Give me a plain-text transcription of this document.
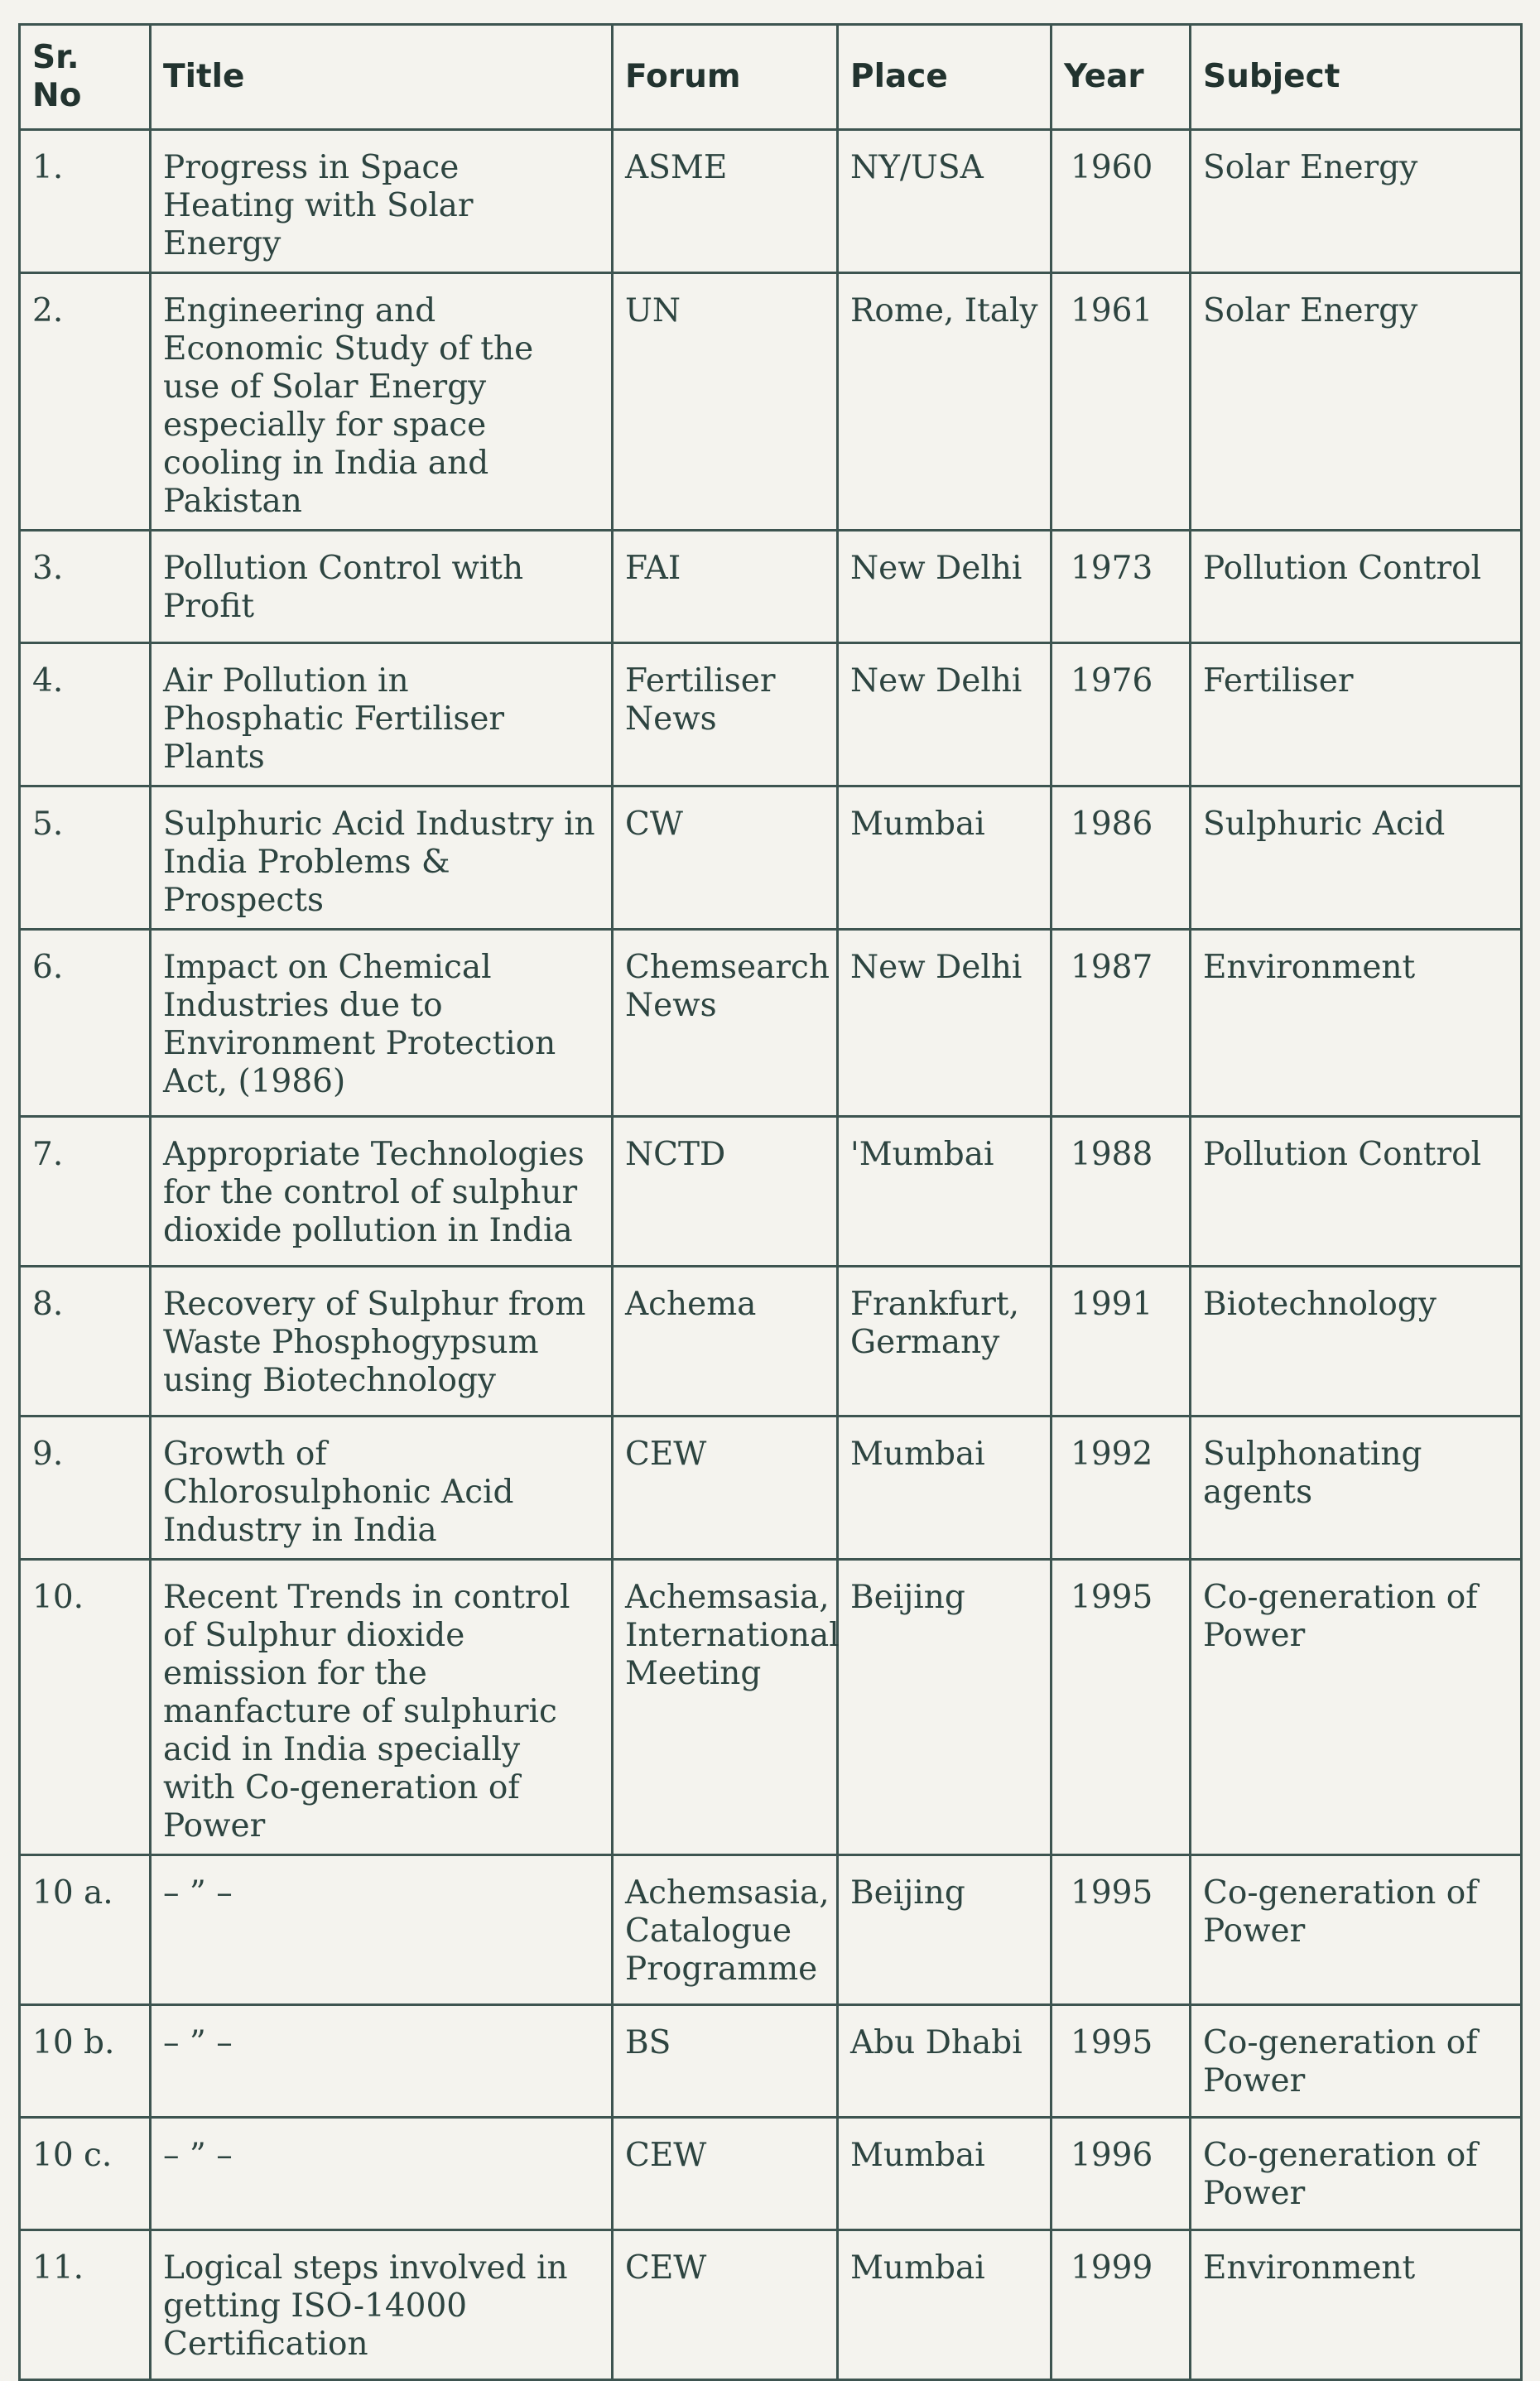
Sr. No	Title	Forum	Place	Year	Subject
1.	Progress in Space Heating with Solar Energy	ASME	NY/USA	1960	Solar Energy
2.	Engineering and Economic Study of the use of Solar Energy especially for space cooling in India and Pakistan	UN	Rome, Italy	1961	Solar Energy
3.	Pollution Control with Profit	FAI	New Delhi	1973	Pollution Control
4.	Air Pollution in Phosphatic Fertiliser Plants	Fertiliser News	New Delhi	1976	Fertiliser
5.	Sulphuric Acid Industry in India Problems & Prospects	CW	Mumbai	1986	Sulphuric Acid
6.	Impact on Chemical Industries due to Environment Protection Act, (1986)	Chemsearch News	New Delhi	1987	Environment
7.	Appropriate Technologies for the control of sulphur dioxide pollution in India	NCTD	'Mumbai	1988	Pollution Control
8.	Recovery of Sulphur from Waste Phosphogypsum using Biotechnology	Achema	Frankfurt, Germany	1991	Biotechnology
9.	Growth of Chlorosulphonic Acid Industry in India	CEW	Mumbai	1992	Sulphonating agents
10.	Recent Trends in control of Sulphur dioxide emission for the manfacture of sulphuric acid in India specially with Co-generation of Power	Achemsasia, International Meeting	Beijing	1995	Co-generation of Power
10 a.	– ” –	Achemsasia, Catalogue Programme	Beijing	1995	Co-generation of Power
10 b.	– ” –	BS	Abu Dhabi	1995	Co-generation of Power
10 c.	– ” –	CEW	Mumbai	1996	Co-generation of Power
11.	Logical steps involved in getting ISO-14000 Certification	CEW	Mumbai	1999	Environment
